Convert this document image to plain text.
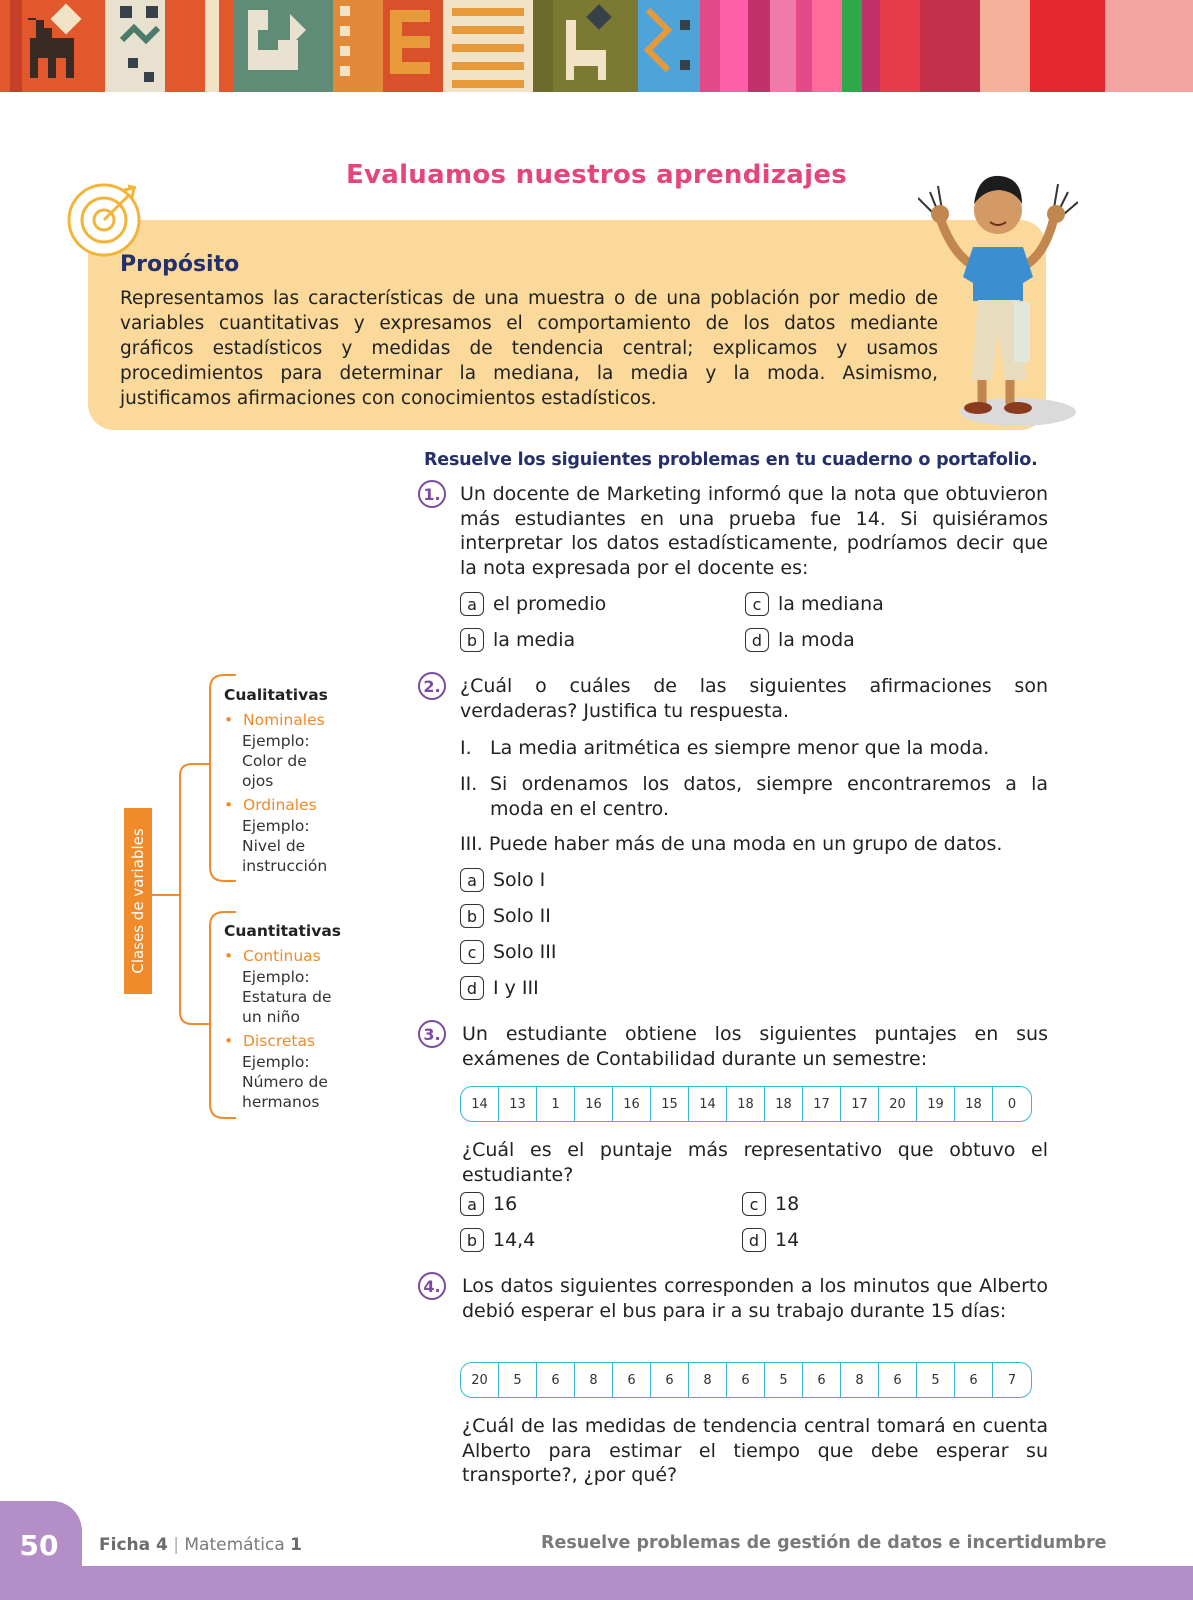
Evaluamos nuestros aprendizajes
Propósito
Representamos las características de una muestra o de una población por medio de variables cuantitativas y expresamos el comportamiento de los datos mediante gráficos estadísticos y medidas de tendencia central; explicamos y usamos procedimientos para determinar la mediana, la media y la moda. Asimismo, justificamos afirmaciones con conocimientos estadísticos.
Resuelve los siguientes problemas en tu cuaderno o portafolio.
1. Un docente de Marketing informó que la nota que obtuvieron más estudiantes en una prueba fue 14. Si quisiéramos interpretar los datos estadísticamente, podríamos decir que la nota expresada por el docente es:
a el promedio
b la media
c la mediana
d la moda
2. ¿Cuál o cuáles de las siguientes afirmaciones son verdaderas? Justifica tu respuesta.
I. La media aritmética es siempre menor que la moda.
II. Si ordenamos los datos, siempre encontraremos a la moda en el centro.
III. Puede haber más de una moda en un grupo de datos.
a Solo I
b Solo II
c Solo III
d I y III
3. Un estudiante obtiene los siguientes puntajes en sus exámenes de Contabilidad durante un semestre:
14	13	1	16	16	15	14	18	18	17	17	20	19	18	0
¿Cuál es el puntaje más representativo que obtuvo el estudiante?
a 16
b 14,4
c 18
d 14
4. Los datos siguientes corresponden a los minutos que Alberto debió esperar el bus para ir a su trabajo durante 15 días:
20	5	6	8	6	6	8	6	5	6	8	6	5	6	7
¿Cuál de las medidas de tendencia central tomará en cuenta Alberto para estimar el tiempo que debe esperar su transporte?, ¿por qué?
Clases de variables
Cualitativas
•  Nominales
Ejemplo:
Color de ojos
•  Ordinales
Ejemplo:
Nivel de instrucción
Cuantitativas
•  Continuas
Ejemplo:
Estatura de un niño
•  Discretas
Ejemplo:
Número de hermanos
50	Ficha 4 | Matemática 1	Resuelve problemas de gestión de datos e incertidumbre
